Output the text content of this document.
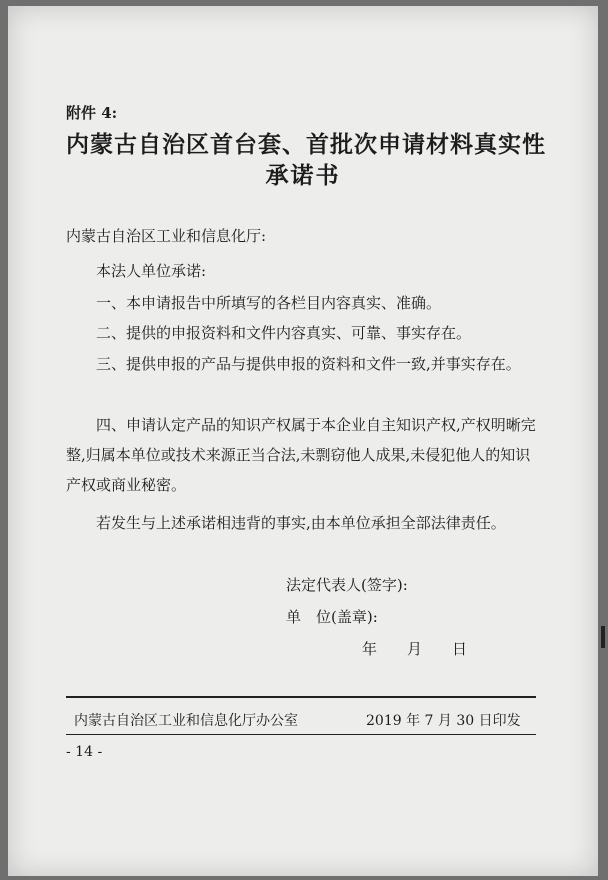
附件 4:
内蒙古自治区首台套、首批次申请材料真实性
承诺书
内蒙古自治区工业和信息化厅:
本法人单位承诺:
一、本申请报告中所填写的各栏目内容真实、准确。
二、提供的申报资料和文件内容真实、可靠、事实存在。
三、提供申报的产品与提供申报的资料和文件一致,并事实存在。
四、申请认定产品的知识产权属于本企业自主知识产权,产权明晰完整,归属本单位或技术来源正当合法,未剽窃他人成果,未侵犯他人的知识产权或商业秘密。
若发生与上述承诺相违背的事实,由本单位承担全部法律责任。
法定代表人(签字):
单　位(盖章):
年　　月　　日
内蒙古自治区工业和信息化厅办公室	2019 年 7 月 30 日印发
- 14 -
